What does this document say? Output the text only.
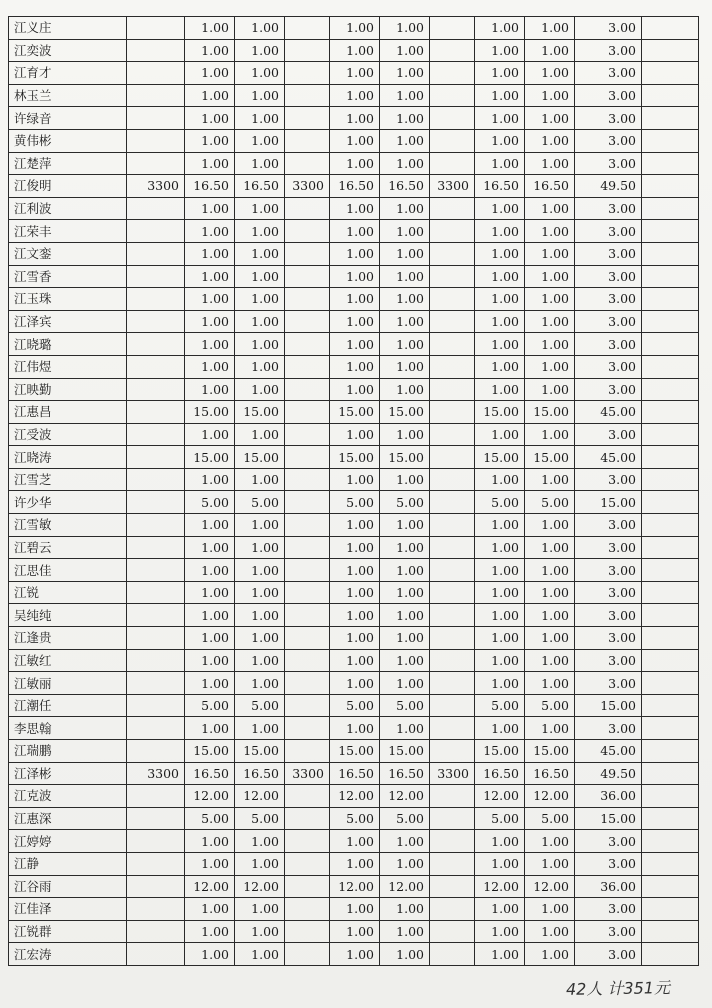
江义庄		1.00	1.00		1.00	1.00		1.00	1.00	3.00	
江奕波		1.00	1.00		1.00	1.00		1.00	1.00	3.00	
江育才		1.00	1.00		1.00	1.00		1.00	1.00	3.00	
林玉兰		1.00	1.00		1.00	1.00		1.00	1.00	3.00	
许绿音		1.00	1.00		1.00	1.00		1.00	1.00	3.00	
黄伟彬		1.00	1.00		1.00	1.00		1.00	1.00	3.00	
江楚萍		1.00	1.00		1.00	1.00		1.00	1.00	3.00	
江俊明	3300	16.50	16.50	3300	16.50	16.50	3300	16.50	16.50	49.50	
江利波		1.00	1.00		1.00	1.00		1.00	1.00	3.00	
江荣丰		1.00	1.00		1.00	1.00		1.00	1.00	3.00	
江文銮		1.00	1.00		1.00	1.00		1.00	1.00	3.00	
江雪香		1.00	1.00		1.00	1.00		1.00	1.00	3.00	
江玉珠		1.00	1.00		1.00	1.00		1.00	1.00	3.00	
江泽宾		1.00	1.00		1.00	1.00		1.00	1.00	3.00	
江晓璐		1.00	1.00		1.00	1.00		1.00	1.00	3.00	
江伟煜		1.00	1.00		1.00	1.00		1.00	1.00	3.00	
江映勤		1.00	1.00		1.00	1.00		1.00	1.00	3.00	
江惠昌		15.00	15.00		15.00	15.00		15.00	15.00	45.00	
江受波		1.00	1.00		1.00	1.00		1.00	1.00	3.00	
江晓涛		15.00	15.00		15.00	15.00		15.00	15.00	45.00	
江雪芝		1.00	1.00		1.00	1.00		1.00	1.00	3.00	
许少华		5.00	5.00		5.00	5.00		5.00	5.00	15.00	
江雪敏		1.00	1.00		1.00	1.00		1.00	1.00	3.00	
江碧云		1.00	1.00		1.00	1.00		1.00	1.00	3.00	
江思佳		1.00	1.00		1.00	1.00		1.00	1.00	3.00	
江锐		1.00	1.00		1.00	1.00		1.00	1.00	3.00	
吴纯纯		1.00	1.00		1.00	1.00		1.00	1.00	3.00	
江逢贵		1.00	1.00		1.00	1.00		1.00	1.00	3.00	
江敏红		1.00	1.00		1.00	1.00		1.00	1.00	3.00	
江敏丽		1.00	1.00		1.00	1.00		1.00	1.00	3.00	
江潮任		5.00	5.00		5.00	5.00		5.00	5.00	15.00	
李思翰		1.00	1.00		1.00	1.00		1.00	1.00	3.00	
江瑞鹏		15.00	15.00		15.00	15.00		15.00	15.00	45.00	
江泽彬	3300	16.50	16.50	3300	16.50	16.50	3300	16.50	16.50	49.50	
江克波		12.00	12.00		12.00	12.00		12.00	12.00	36.00	
江惠深		5.00	5.00		5.00	5.00		5.00	5.00	15.00	
江婷婷		1.00	1.00		1.00	1.00		1.00	1.00	3.00	
江静		1.00	1.00		1.00	1.00		1.00	1.00	3.00	
江谷雨		12.00	12.00		12.00	12.00		12.00	12.00	36.00	
江佳泽		1.00	1.00		1.00	1.00		1.00	1.00	3.00	
江锐群		1.00	1.00		1.00	1.00		1.00	1.00	3.00	
江宏涛		1.00	1.00		1.00	1.00		1.00	1.00	3.00	
42人 计351元
